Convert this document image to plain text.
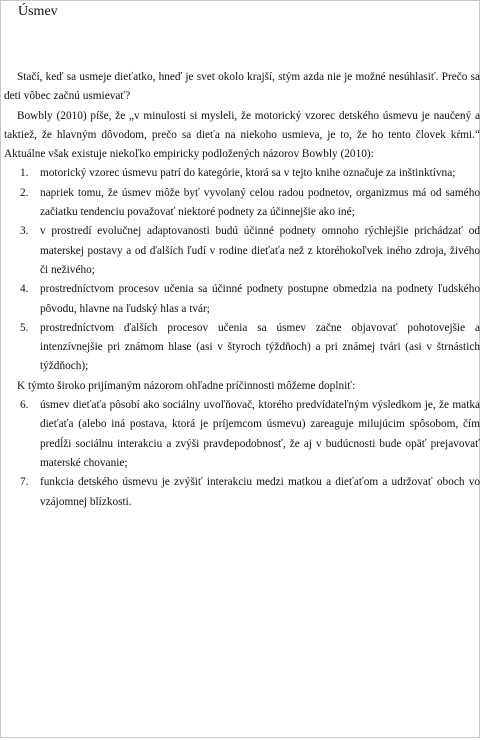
Úsmev

Stačí, keď sa usmeje dieťatko, hneď je svet okolo krajší, stým azda nie je možné nesúhlasiť. Prečo sa deti vôbec začnú usmievať?

Bowbly (2010) píše, že „v minulosti si mysleli, že motorický vzorec detského úsmevu je naučený a taktiež, že hlavným dôvodom, prečo sa dieťa na niekoho usmieva, je to, že ho tento človek kŕmi.“ Aktuálne však existuje niekoľko empiricky podložených názorov Bowbly (2010):

1. motorický vzorec úsmevu patrí do kategórie, ktorá sa v tejto knihe označuje za inštinktívna;
2. napriek tomu, že úsmev môže byť vyvolaný celou radou podnetov, organizmus má od samého začiatku tendenciu považovať niektoré podnety za účinnejšie ako iné;
3. v prostredí evolučnej adaptovanosti budú účinné podnety omnoho rýchlejšie prichádzať od materskej postavy a od ďalších ľudí v rodine dieťaťa než z ktoréhokoľvek iného zdroja, živého či neživého;
4. prostredníctvom procesov učenia sa účinné podnety postupne obmedzia na podnety ľudského pôvodu, hlavne na ľudský hlas a tvár;
5. prostredníctvom ďalších procesov učenia sa úsmev začne objavovať pohotovejšie a intenzívnejšie pri známom hlase (asi v štyroch týždňoch) a pri známej tvári (asi v štrnástich týždňoch);

K týmto široko prijímaným názorom ohľadne príčinnosti môžeme doplniť:

6. úsmev dieťaťa pôsobí ako sociálny uvoľňovač, ktorého predvídateľným výsledkom je, že matka dieťaťa (alebo iná postava, ktorá je príjemcom úsmevu) zareaguje milujúcim spôsobom, čím predĺži sociálnu interakciu a zvýši pravdepodobnosť, že aj v budúcnosti bude opäť prejavovať materské chovanie;
7. funkcia detského úsmevu je zvýšiť interakciu medzi matkou a dieťaťom a udržovať oboch vo vzájomnej blízkosti.
